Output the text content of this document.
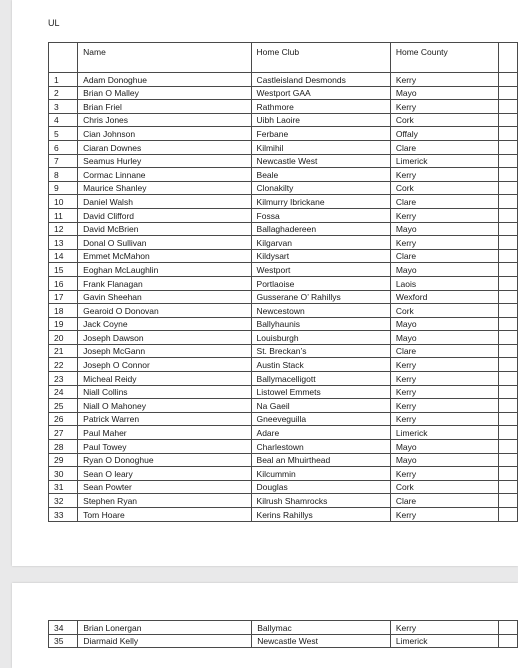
UL
	Name	Home Club	Home County	
1	Adam Donoghue	Castleisland Desmonds	Kerry	
2	Brian O Malley	Westport GAA	Mayo	
3	Brian Friel	Rathmore	Kerry	
4	Chris Jones	Uibh Laoire	Cork	
5	Cian Johnson	Ferbane	Offaly	
6	Ciaran Downes	Kilmihil	Clare	
7	Seamus Hurley	Newcastle West	Limerick	
8	Cormac Linnane	Beale	Kerry	
9	Maurice Shanley	Clonakilty	Cork	
10	Daniel Walsh	Kilmurry Ibrickane	Clare	
11	David Clifford	Fossa	Kerry	
12	David McBrien	Ballaghadereen	Mayo	
13	Donal O Sullivan	Kilgarvan	Kerry	
14	Emmet McMahon	Kildysart	Clare	
15	Eoghan McLaughlin	Westport	Mayo	
16	Frank Flanagan	Portlaoise	Laois	
17	Gavin Sheehan	Gusserane O’ Rahillys	Wexford	
18	Gearoid O Donovan	Newcestown	Cork	
19	Jack Coyne	Ballyhaunis	Mayo	
20	Joseph Dawson	Louisburgh	Mayo	
21	Joseph McGann	St. Breckan’s	Clare	
22	Joseph O Connor	Austin Stack	Kerry	
23	Micheal Reidy	Ballymacelligott	Kerry	
24	Niall Collins	Listowel Emmets	Kerry	
25	Niall O Mahoney	Na Gaeil	Kerry	
26	Patrick Warren	Gneeveguilla	Kerry	
27	Paul Maher	Adare	Limerick	
28	Paul Towey	Charlestown	Mayo	
29	Ryan O Donoghue	Beal an Mhuirthead	Mayo	
30	Sean O leary	Kilcummin	Kerry	
31	Sean Powter	Douglas	Cork	
32	Stephen Ryan	Kilrush Shamrocks	Clare	
33	Tom Hoare	Kerins Rahillys	Kerry	
34	Brian Lonergan	Ballymac	Kerry	
35	Diarmaid Kelly	Newcastle West	Limerick	
